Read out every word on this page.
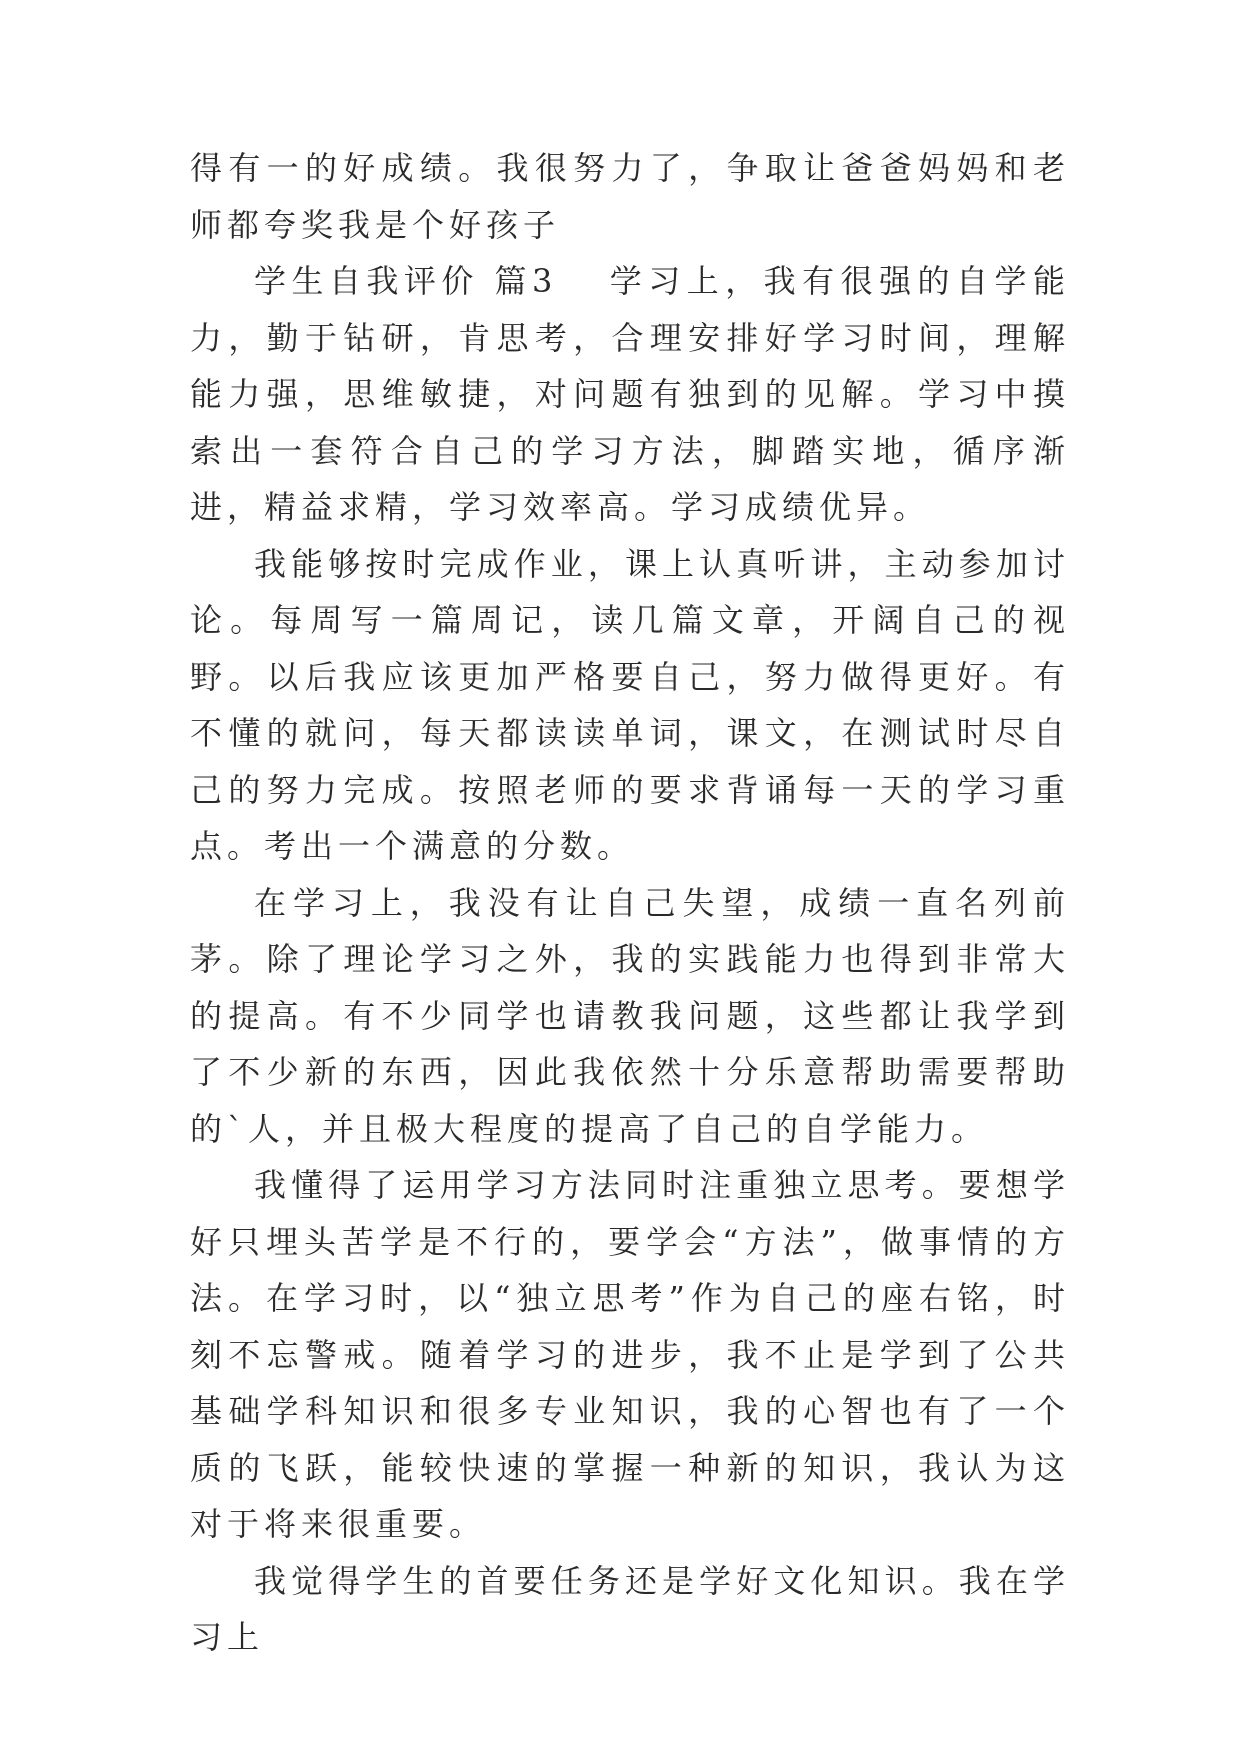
得有一的好成绩。我很努力了，争取让爸爸妈妈和老师都夸奖我是个好孩子

学生自我评价 篇3 学习上，我有很强的自学能力，勤于钻研，肯思考，合理安排好学习时间，理解能力强，思维敏捷，对问题有独到的见解。学习中摸索出一套符合自己的学习方法，脚踏实地，循序渐进，精益求精，学习效率高。学习成绩优异。

我能够按时完成作业，课上认真听讲，主动参加讨论。每周写一篇周记，读几篇文章，开阔自己的视野。以后我应该更加严格要自己，努力做得更好。有不懂的就问，每天都读读单词，课文，在测试时尽自己的努力完成。按照老师的要求背诵每一天的学习重点。考出一个满意的分数。

在学习上，我没有让自己失望，成绩一直名列前茅。除了理论学习之外，我的实践能力也得到非常大的提高。有不少同学也请教我问题，这些都让我学到了不少新的东西，因此我依然十分乐意帮助需要帮助的`人，并且极大程度的提高了自己的自学能力。

我懂得了运用学习方法同时注重独立思考。要想学好只埋头苦学是不行的，要学会“方法”，做事情的方法。在学习时，以“独立思考”作为自己的座右铭，时刻不忘警戒。随着学习的进步，我不止是学到了公共基础学科知识和很多专业知识，我的心智也有了一个质的飞跃，能较快速的掌握一种新的知识，我认为这对于将来很重要。

我觉得学生的首要任务还是学好文化知识。我在学习上
